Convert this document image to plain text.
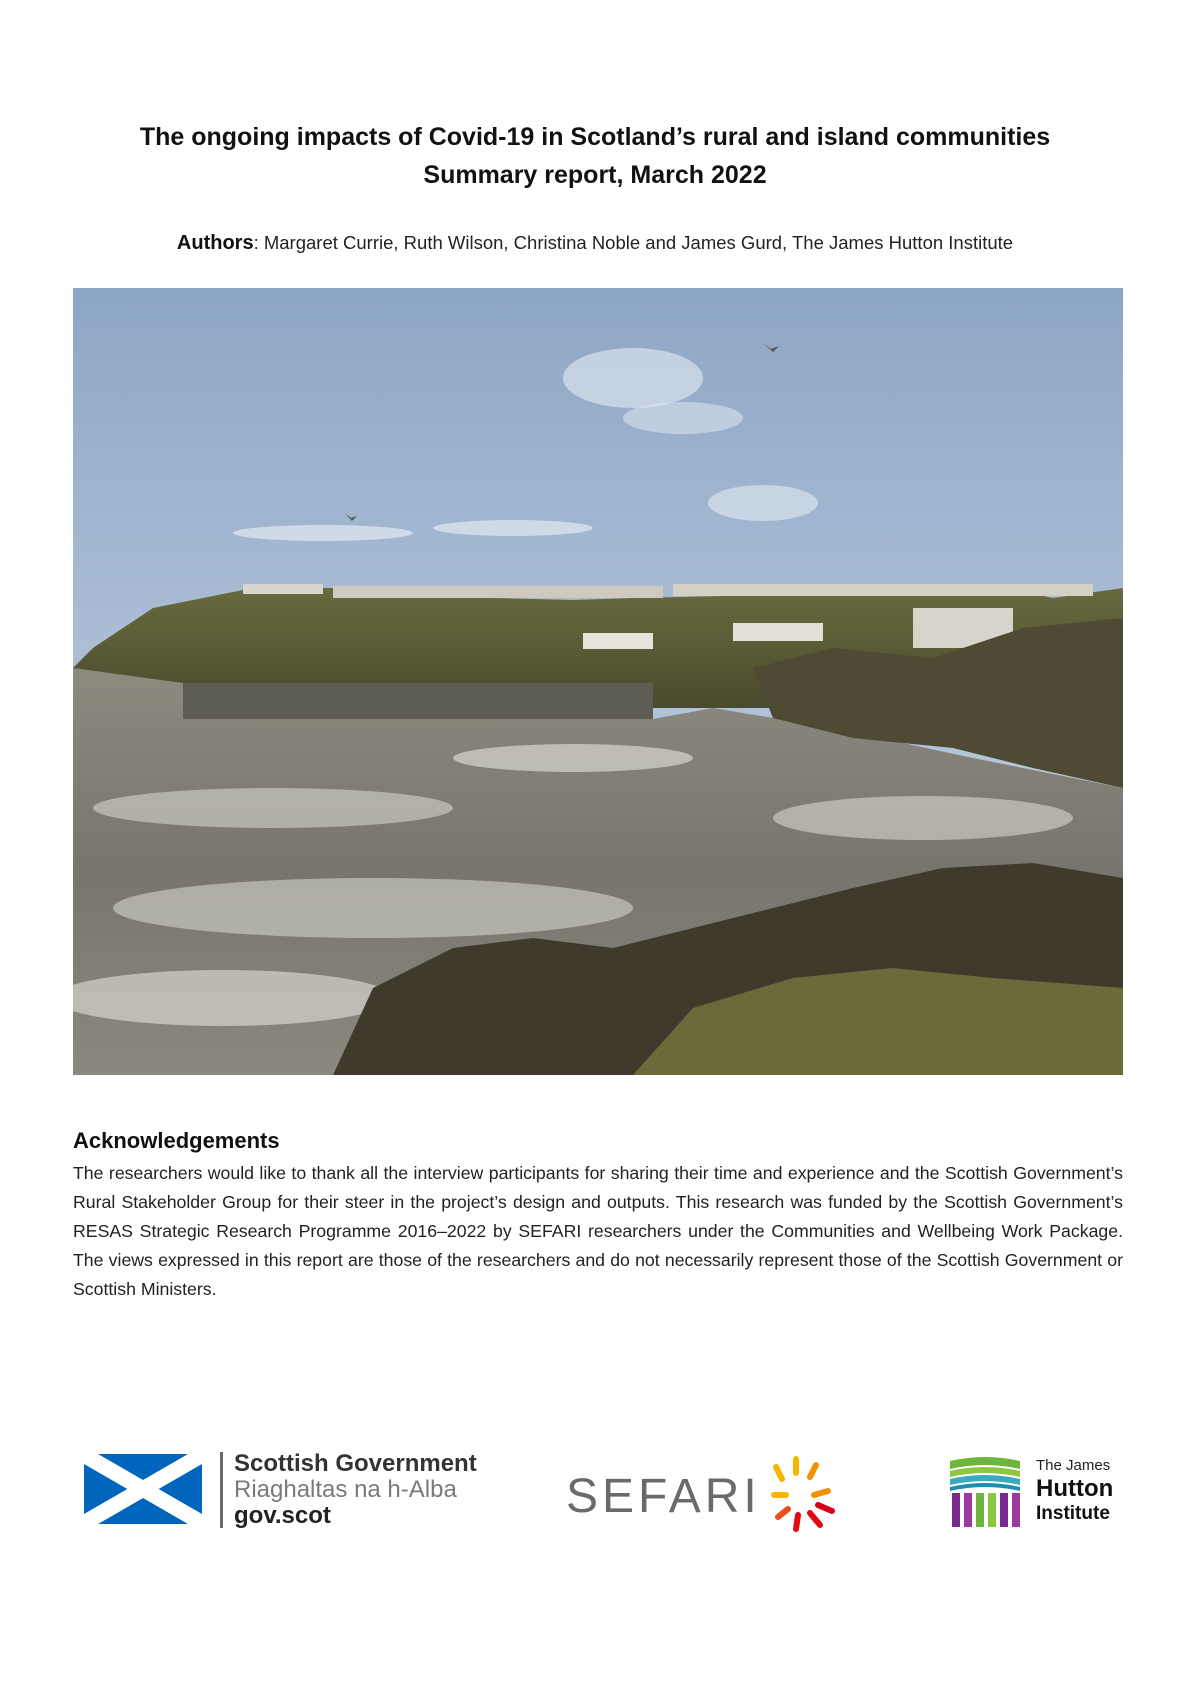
The ongoing impacts of Covid-19 in Scotland’s rural and island communities
Summary report, March 2022
Authors: Margaret Currie, Ruth Wilson, Christina Noble and James Gurd, The James Hutton Institute
Acknowledgements
The researchers would like to thank all the interview participants for sharing their time and experience and the Scottish Government’s Rural Stakeholder Group for their steer in the project’s design and outputs. This research was funded by the Scottish Government’s RESAS Strategic Research Programme 2016–2022 by SEFARI researchers under the Communities and Wellbeing Work Package. The views expressed in this report are those of the researchers and do not necessarily represent those of the Scottish Government or Scottish Ministers.
Scottish Government
Riaghaltas na h-Alba
gov.scot	SEFARI
The James
Hutton
Institute
